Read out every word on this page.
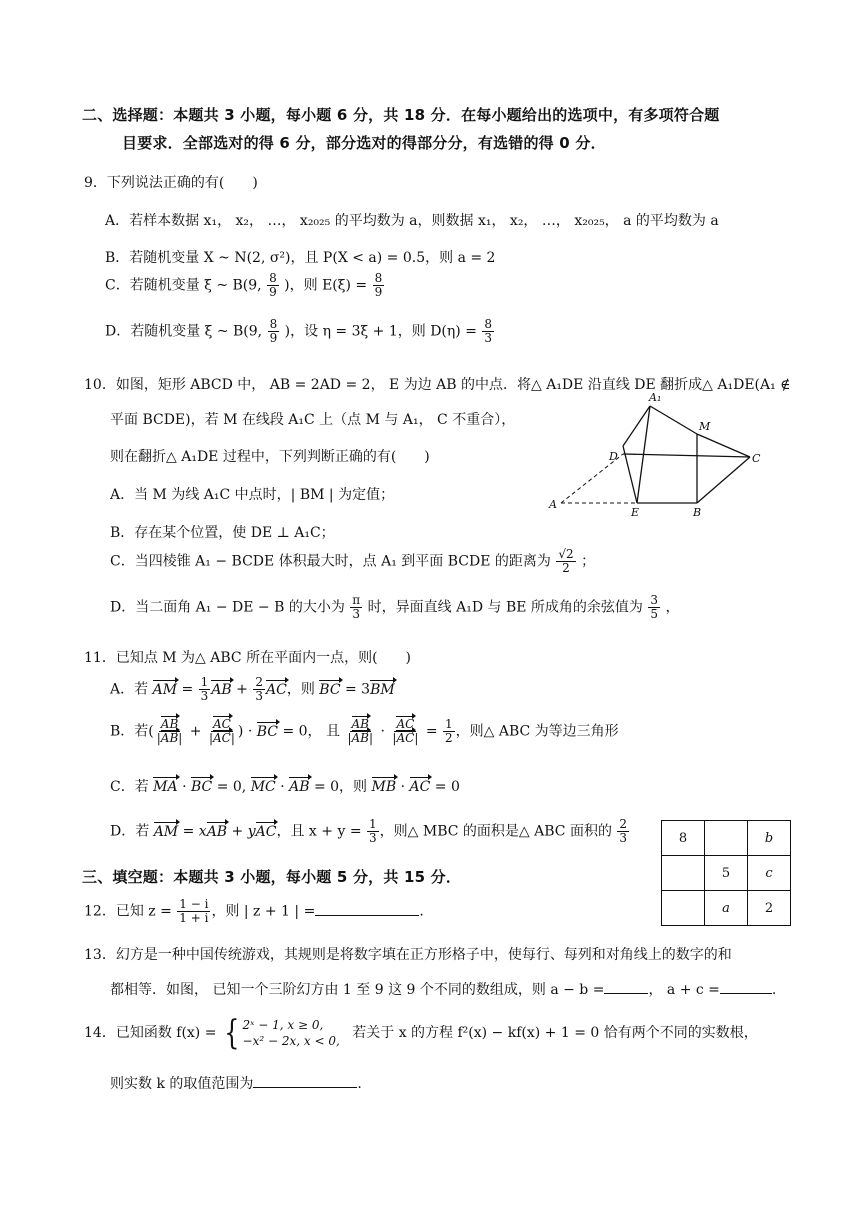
二、选择题：本题共 3 小题，每小题 6 分，共 18 分．在每小题给出的选项中，有多项符合题
目要求．全部选对的得 6 分，部分选对的得部分分，有选错的得 0 分．
9．下列说法正确的有(　　)
A．若样本数据 x₁， x₂， …， x₂₀₂₅ 的平均数为 a，则数据 x₁， x₂， …， x₂₀₂₅， a 的平均数为 a
B．若随机变量 X ~ N(2, σ²)，且 P(X < a) = 0.5，则 a = 2
C．若随机变量 ξ ~ B(9, $\frac{8}{9}$ )，则 $E(\xi) = \frac{8}{9}$
D．若随机变量 ξ ~ B(9, $\frac{8}{9}$ )，设 η = 3ξ + 1，则 $D(\eta) = \frac{8}{3}$
10．如图，矩形 ABCD 中， AB = 2AD = 2， E 为边 AB 的中点．将△ A₁DE 沿直线 DE 翻折成△ A₁DE(A₁ ∉
平面 BCDE)，若 M 在线段 A₁C 上（点 M 与 A₁， C 不重合），
则在翻折△ A₁DE 过程中，下列判断正确的有(　　)
A．当 M 为线 A₁C 中点时，| BM | 为定值；
B．存在某个位置，使 DE ⊥ A₁C；
C．当四棱锥 A₁ − BCDE 体积最大时，点 A₁ 到平面 BCDE 的距离为 $\frac{√2}{2}$ ；
D．当二面角 A₁ − DE − B 的大小为 $\frac{\pi}{3}$ 时，异面直线 A₁D 与 BE 所成角的余弦值为 $\frac{3}{5}$ ，
A₁
M
D	C
A
E	B
11．已知点 M 为△ ABC 所在平面内一点，则(　　)
A．若 AM = $\frac{1}{3}$ AB + $\frac{2}{3}$ AC，则 BC = 3BM
B．若( $\frac{AB}{|AB|} + \frac{AC}{|AC|}$ ) · BC = 0， 且 $\frac{AB}{|AB|} \cdot \frac{AC}{|AC|} = \frac{1}{2}$ ，则△ ABC 为等边三角形
C．若 MA · BC = 0, MC · AB = 0，则 MB · AC = 0
D．若 AM = xAB + yAC，且 $x + y = \frac{1}{3}$ ，则△ MBC 的面积是△ ABC 面积的 $\frac{2}{3}$	8		b
	5	c
	a	2
三、填空题：本题共 3 小题，每小题 5 分，共 15 分．
12．已知 $z = \frac{1 - i}{1 + i}$ ，则 | z + 1 | =	.
13．幻方是一种中国传统游戏，其规则是将数字填在正方形格子中，使每行、每列和对角线上的数字的和
都相等．如图， 已知一个三阶幻方由 1 至 9 这 9 个不同的数组成，则 a − b =	， a + c =	.
14．已知函数 f(x) = { 2ˣ − 1, x ≥ 0,
−x² − 2x, x < 0, 若关于 x 的方程 f²(x) − kf(x) + 1 = 0 恰有两个不同的实数根，
则实数 k 的取值范围为	.
